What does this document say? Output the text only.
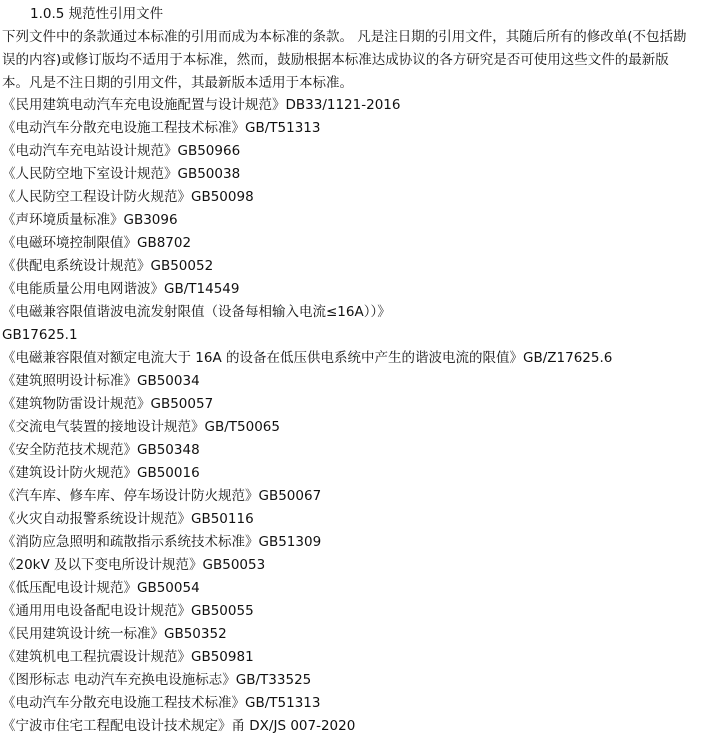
1.0.5 规范性引用文件

下列文件中的条款通过本标准的引用而成为本标准的条款。 凡是注日期的引用文件，其随后所有的修改单(不包括勘
误的内容)或修订版均不适用于本标准，然而，鼓励根据本标准达成协议的各方研究是否可使用这些文件的最新版
本。凡是不注日期的引用文件，其最新版本适用于本标准。

《民用建筑电动汽车充电设施配置与设计规范》DB33/1121-2016
《电动汽车分散充电设施工程技术标准》GB/T51313
《电动汽车充电站设计规范》GB50966
《人民防空地下室设计规范》GB50038
《人民防空工程设计防火规范》GB50098
《声环境质量标准》GB3096
《电磁环境控制限值》GB8702
《供配电系统设计规范》GB50052
《电能质量公用电网谐波》GB/T14549
《电磁兼容限值谐波电流发射限值（设备每相输入电流≤16A））》
GB17625.1
《电磁兼容限值对额定电流大于 16A 的设备在低压供电系统中产生的谐波电流的限值》GB/Z17625.6
《建筑照明设计标准》GB50034
《建筑物防雷设计规范》GB50057
《交流电气装置的接地设计规范》GB/T50065
《安全防范技术规范》GB50348
《建筑设计防火规范》GB50016
《汽车库、修车库、停车场设计防火规范》GB50067
《火灾自动报警系统设计规范》GB50116
《消防应急照明和疏散指示系统技术标准》GB51309
《20kV 及以下变电所设计规范》GB50053
《低压配电设计规范》GB50054
《通用用电设备配电设计规范》GB50055
《民用建筑设计统一标准》GB50352
《建筑机电工程抗震设计规范》GB50981
《图形标志 电动汽车充换电设施标志》GB/T33525
《电动汽车分散充电设施工程技术标准》GB/T51313
《宁波市住宅工程配电设计技术规定》甬 DX/JS 007-2020
